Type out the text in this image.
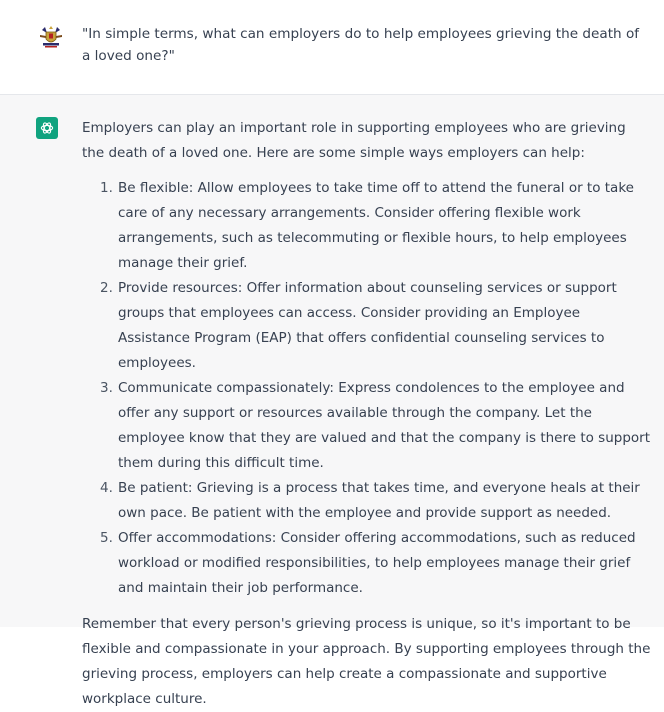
"In simple terms, what can employers do to help employees grieving the death of a loved one?"

Employers can play an important role in supporting employees who are grieving the death of a loved one. Here are some simple ways employers can help:

1. Be flexible: Allow employees to take time off to attend the funeral or to take care of any necessary arrangements. Consider offering flexible work arrangements, such as telecommuting or flexible hours, to help employees manage their grief.
2. Provide resources: Offer information about counseling services or support groups that employees can access. Consider providing an Employee Assistance Program (EAP) that offers confidential counseling services to employees.
3. Communicate compassionately: Express condolences to the employee and offer any support or resources available through the company. Let the employee know that they are valued and that the company is there to support them during this difficult time.
4. Be patient: Grieving is a process that takes time, and everyone heals at their own pace. Be patient with the employee and provide support as needed.
5. Offer accommodations: Consider offering accommodations, such as reduced workload or modified responsibilities, to help employees manage their grief and maintain their job performance.

Remember that every person's grieving process is unique, so it's important to be flexible and compassionate in your approach. By supporting employees through the grieving process, employers can help create a compassionate and supportive workplace culture.
